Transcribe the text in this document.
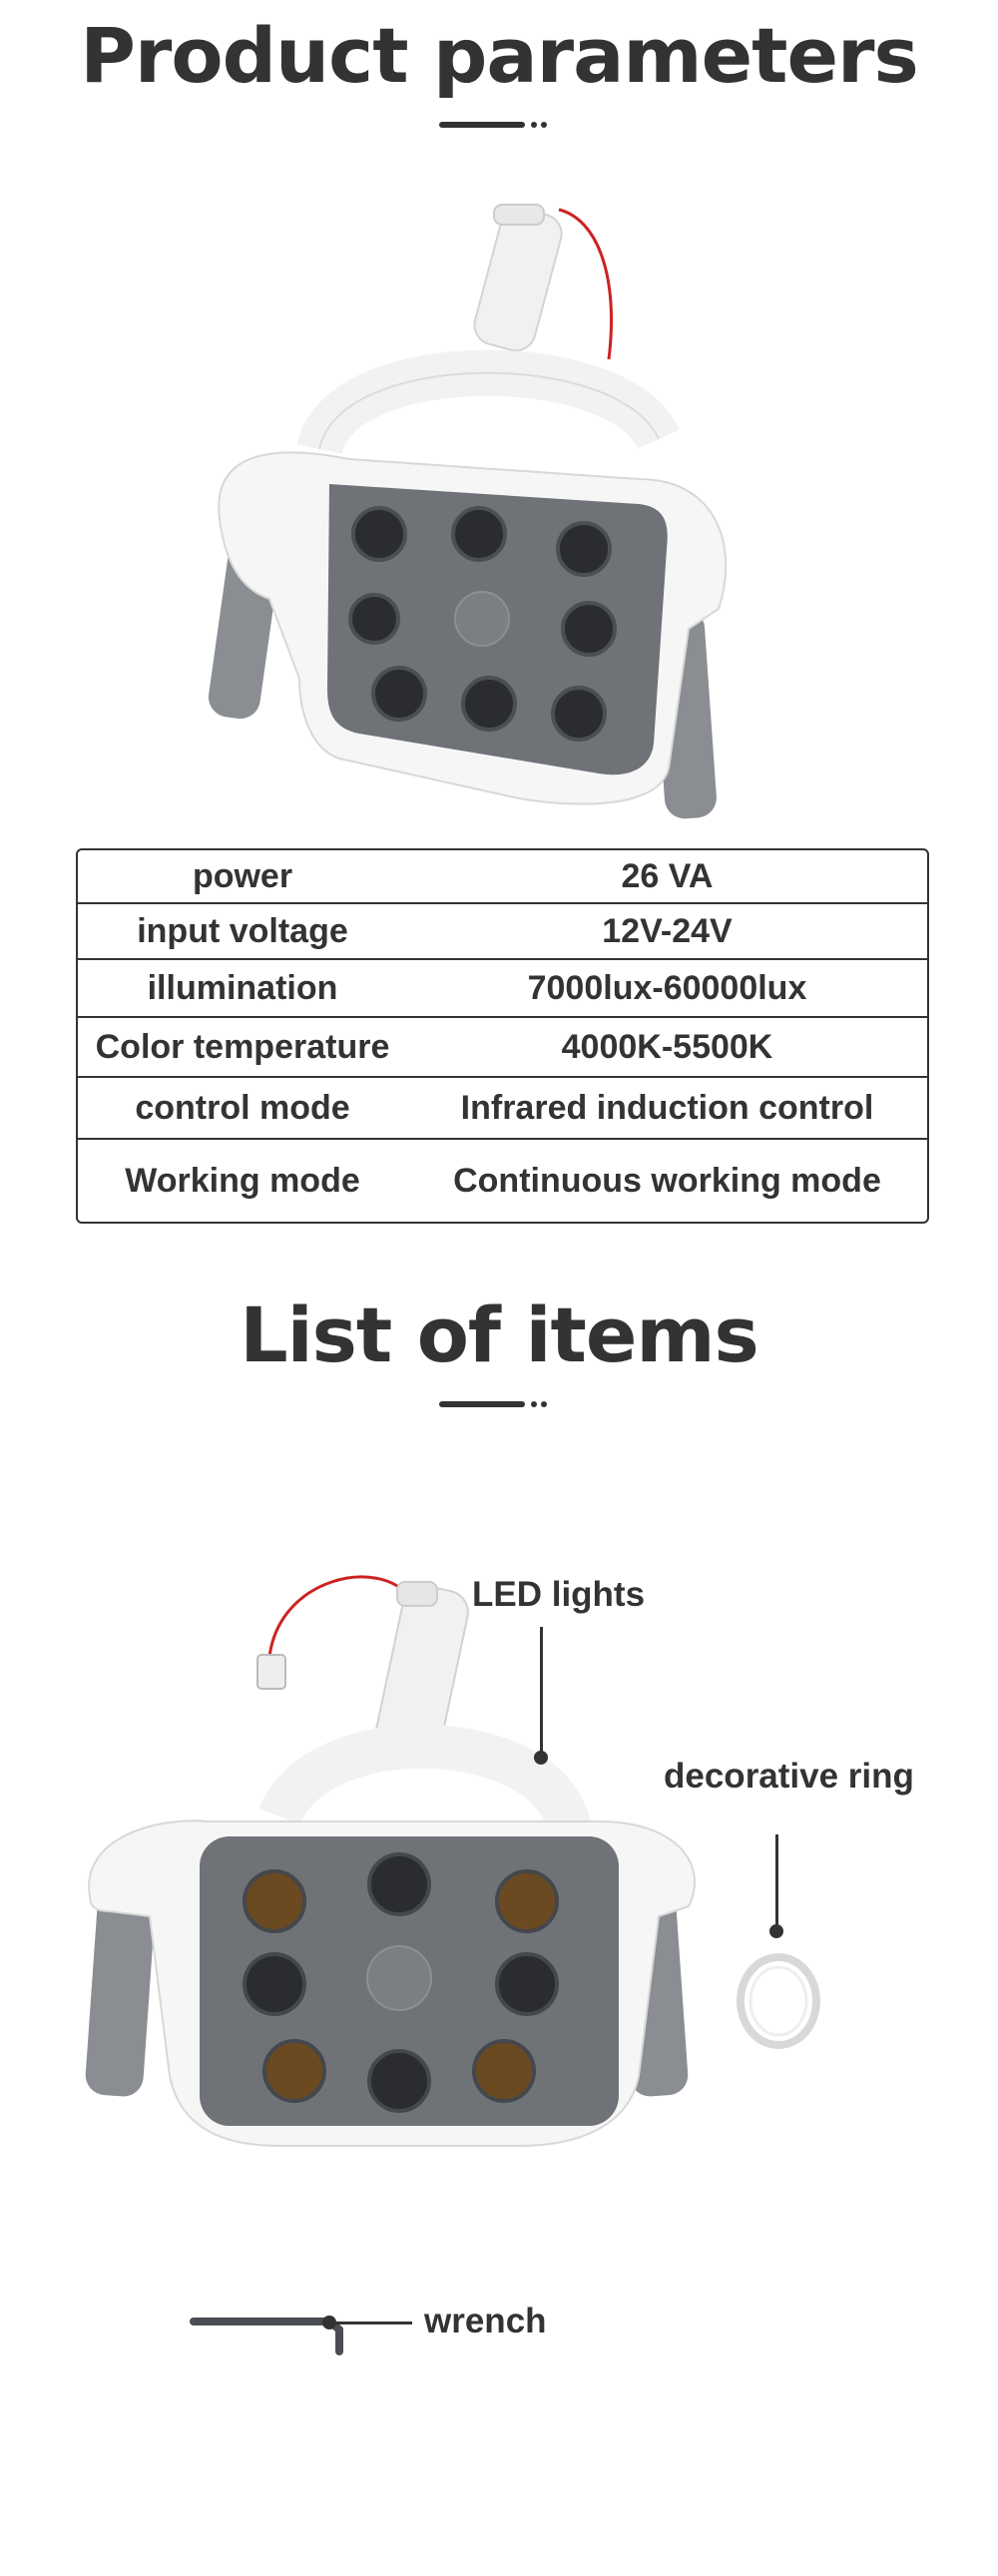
Product parameters
power	26 VA
input voltage	12V-24V
illumination	7000lux-60000lux
Color temperature	4000K-5500K
control mode	Infrared induction control
Working mode	Continuous working mode
List of items
LED lights
decorative ring
wrench
